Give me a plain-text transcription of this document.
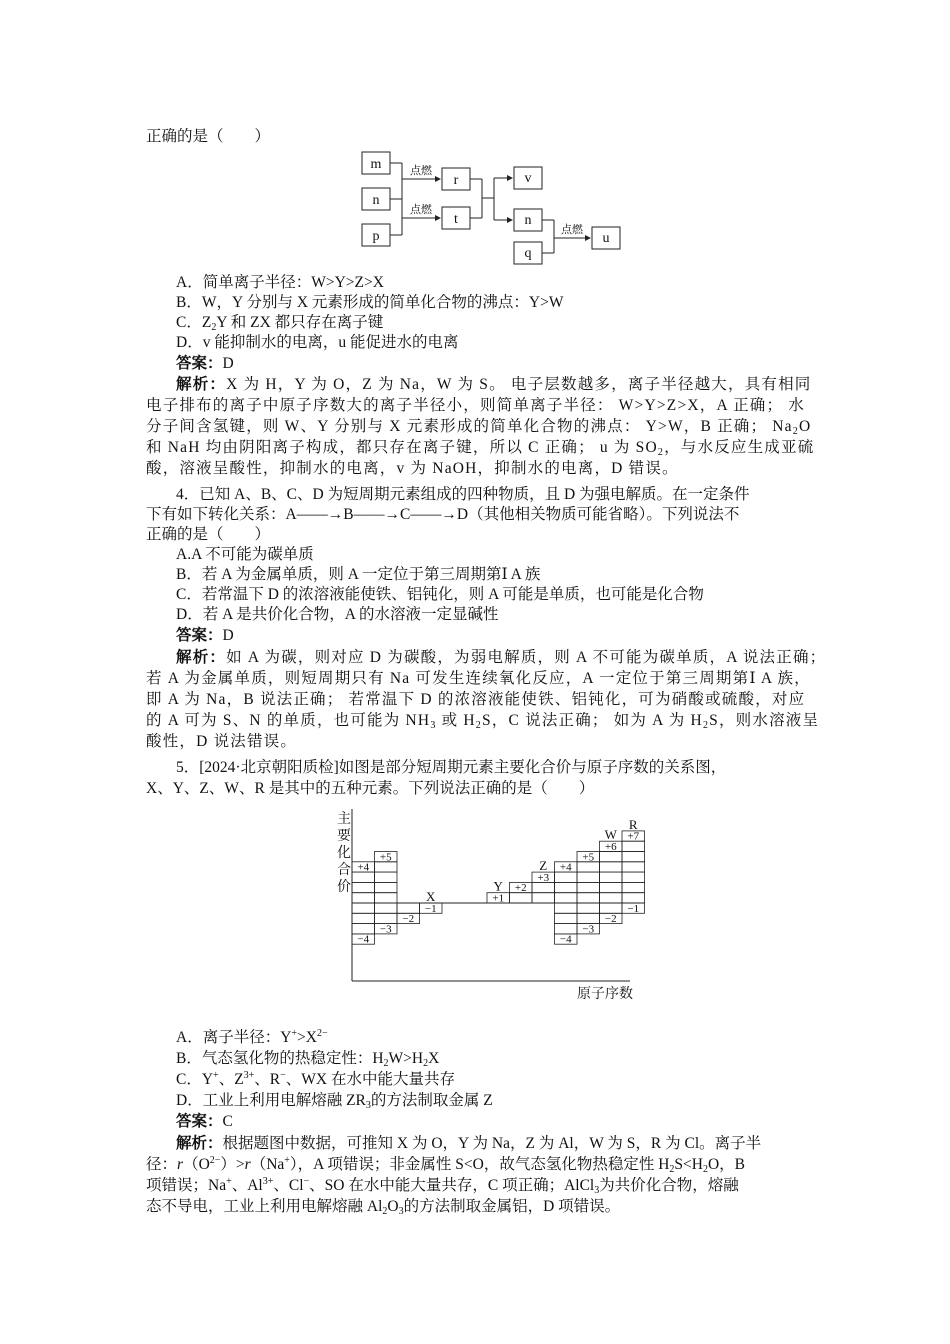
正确的是（　　）
m
n
p
r
t
v
n
q
u
点燃
点燃
点燃
A．简单离子半径：W>Y>Z>X
B．W，Y 分别与 X 元素形成的简单化合物的沸点：Y>W
C．$Z_2Y$ 和 ZX 都只存在离子键
D．v 能抑制水的电离，u 能促进水的电离
答案：D
解析：X 为 H，Y 为 O，Z 为 Na，W 为 S。 电子层数越多，离子半径越大，具有相同
电子排布的离子中原子序数大的离子半径小，则简单离子半径： W>Y>Z>X，A 正确； 水
分子间含氢键，则 W、Y 分别与 X 元素形成的简单化合物的沸点： Y>W，B 正确； $Na_2O$
和 NaH 均由阴阳离子构成，都只存在离子键，所以 C 正确； u 为 $SO_2$，与水反应生成亚硫
酸，溶液呈酸性，抑制水的电离，v 为 NaOH，抑制水的电离，D 错误。
4．已知 A、B、C、D 为短周期元素组成的四种物质，且 D 为强电解质。在一定条件
下有如下转化关系：A——→B——→C——→D（其他相关物质可能省略）。下列说法不
正确的是（　　）
A.A 不可能为碳单质
B．若 A 为金属单质，则 A 一定位于第三周期第Ⅰ A 族
C．若常温下 D 的浓溶液能使铁、铝钝化，则 A 可能是单质，也可能是化合物
D．若 A 是共价化合物，A 的水溶液一定显碱性
答案：D
解析：如 A 为碳，则对应 D 为碳酸，为弱电解质，则 A 不可能为碳单质，A 说法正确；
若 A 为金属单质，则短周期只有 Na 可发生连续氧化反应，A 一定位于第三周期第Ⅰ A 族，
即 A 为 Na，B 说法正确； 若常温下 D 的浓溶液能使铁、铝钝化，可为硝酸或硫酸，对应
的 A 可为 S、N 的单质，也可能为 $NH_3$ 或 $H_2S$，C 说法正确； 如为 A 为 $H_2S$，则水溶液呈
酸性，D 说法错误。
5．[2024·北京朝阳质检]如图是部分短周期元素主要化合价与原子序数的关系图，
X、Y、Z、W、R 是其中的五种元素。下列说法正确的是（　　）
主
要
化
合
价
原子序数
+4
−4
+5
−3
−2
−1
X	+1
Y +2
+3
Z +4
−4
+5
−3
+6
−2
W +7
−1
R
A．离子半径：$Y^+>X^{2-}$
B．气态氢化物的热稳定性：$H_2W>H_2X$
C．Y+、$Z^{3+}$、R−、WX 在水中能大量共存
D．工业上利用电解熔融 $ZR_3$的方法制取金属 Z
答案：C
解析：根据题图中数据，可推知 X 为 O，Y 为 Na，Z 为 Al，W 为 S，R 为 Cl。离子半
径：$r(O^{2-})>r(Na^+)$，A 项错误；非金属性 S<O，故气态氢化物热稳定性 $H_2S<H_2O$，B
项错误；Na+、$Al^{3+}$、Cl−、SO 在水中能大量共存，C 项正确；AlCl$_3$为共价化合物，熔融
态不导电，工业上利用电解熔融 $Al_2O_3$的方法制取金属铝，D 项错误。
